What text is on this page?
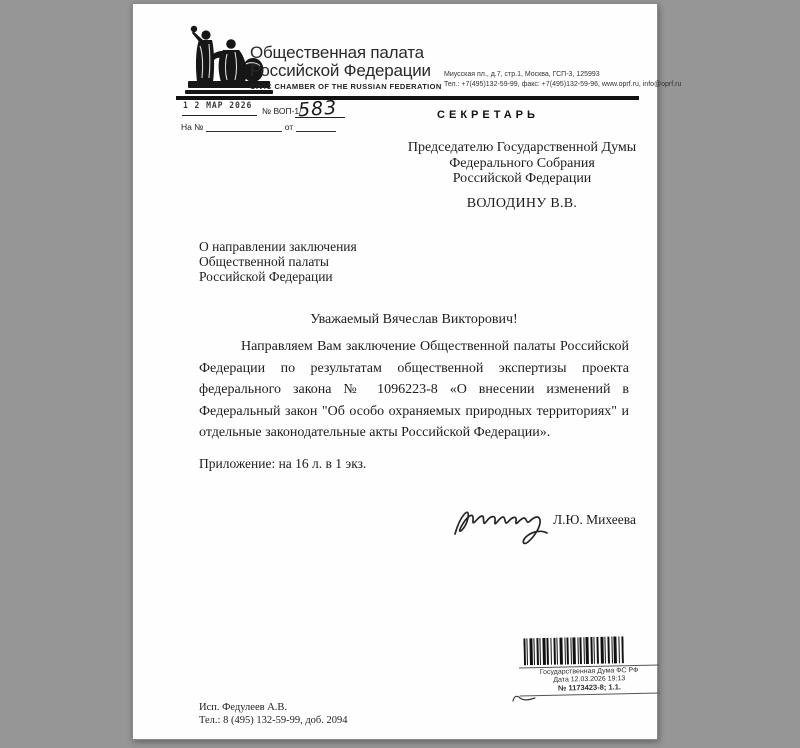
Общественная палата
Российской Федерации
CIVIC CHAMBER OF THE RUSSIAN FEDERATION
Миусская пл., д.7, стр.1, Москва, ГСП-3, 125993
Тел.: +7(495)132-59-99, факс: +7(495)132-59-96, www.oprf.ru, info@oprf.ru
1 2 МАР 2026 № ВОП-1/
583
На №	от
СЕКРЕТАРЬ
Председателю Государственной Думы
Федерального Собрания
Российской Федерации
ВОЛОДИНУ В.В.
О направлении заключения
Общественной палаты
Российской Федерации
Уважаемый Вячеслав Викторович!
Направляем Вам заключение Общественной палаты Российской Федерации по результатам общественной экспертизы проекта федерального закона № 1096223-8 «О внесении изменений в Федеральный закон "Об особо охраняемых природных территориях" и отдельные законодательные акты Российской Федерации».
Приложение: на 16 л. в 1 экз.
Л.Ю. Михеева
Государственная Дума ФС РФ
Дата 12.03.2026 19:13
№ 1173423-8; 1.1.
Исп. Федулеев А.В.
Тел.: 8 (495) 132-59-99, доб. 2094
